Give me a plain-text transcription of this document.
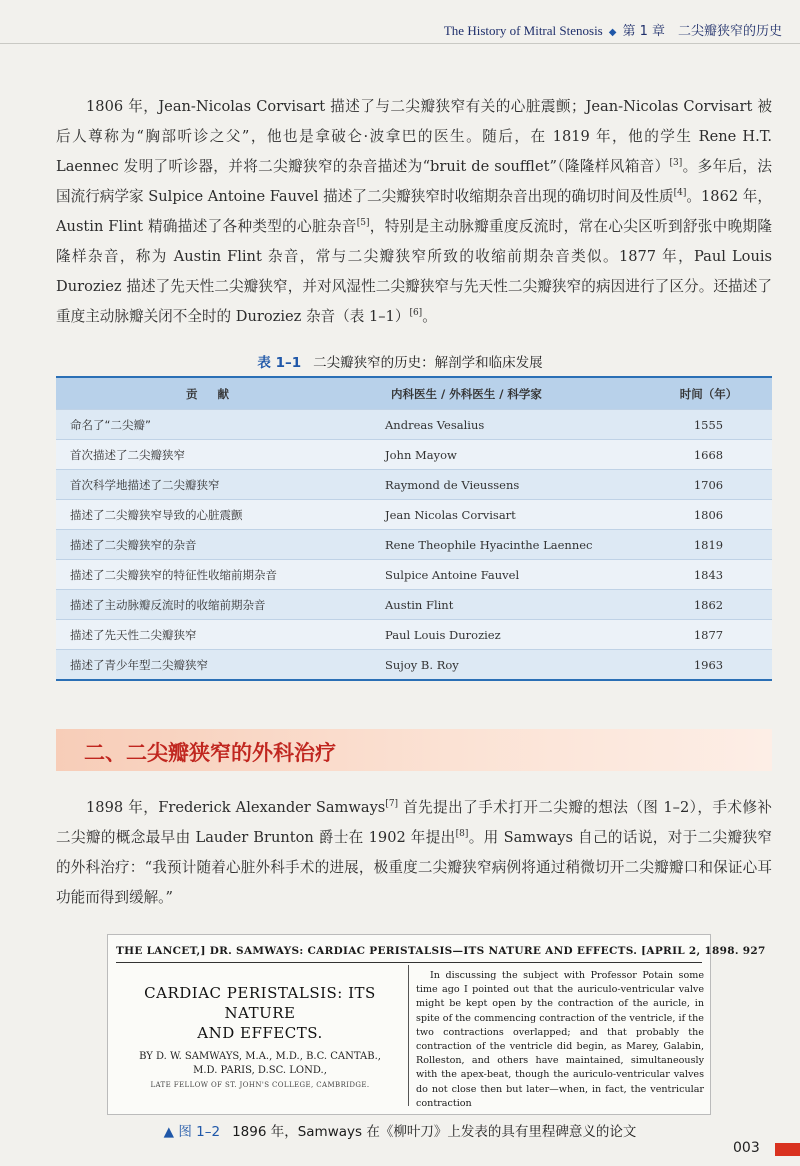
The History of Mitral Stenosis ◆ 第 1 章　二尖瓣狭窄的历史

1806 年，Jean-Nicolas Corvisart 描述了与二尖瓣狭窄有关的心脏震颤；Jean-Nicolas Corvisart 被后人尊称为“胸部听诊之父”，他也是拿破仑·波拿巴的医生。随后，在 1819 年，他的学生 Rene H.T. Laennec 发明了听诊器，并将二尖瓣狭窄的杂音描述为“bruit de soufflet”（隆隆样风箱音）[3]。多年后，法国流行病学家 Sulpice Antoine Fauvel 描述了二尖瓣狭窄时收缩期杂音出现的确切时间及性质[4]。1862 年，Austin Flint 精确描述了各种类型的心脏杂音[5]，特别是主动脉瓣重度反流时，常在心尖区听到舒张中晚期隆隆样杂音，称为 Austin Flint 杂音，常与二尖瓣狭窄所致的收缩前期杂音类似。1877 年，Paul Louis Duroziez 描述了先天性二尖瓣狭窄，并对风湿性二尖瓣狭窄与先天性二尖瓣狭窄的病因进行了区分。还描述了重度主动脉瓣关闭不全时的 Duroziez 杂音（表 1–1）[6]。

表 1–1 二尖瓣狭窄的历史：解剖学和临床发展
贡 献	内科医生 / 外科医生 / 科学家	时间（年）
命名了“二尖瓣”	Andreas Vesalius	1555
首次描述了二尖瓣狭窄	John Mayow	1668
首次科学地描述了二尖瓣狭窄	Raymond de Vieussens	1706
描述了二尖瓣狭窄导致的心脏震颤	Jean Nicolas Corvisart	1806
描述了二尖瓣狭窄的杂音	Rene Theophile Hyacinthe Laennec	1819
描述了二尖瓣狭窄的特征性收缩前期杂音	Sulpice Antoine Fauvel	1843
描述了主动脉瓣反流时的收缩前期杂音	Austin Flint	1862
描述了先天性二尖瓣狭窄	Paul Louis Duroziez	1877
描述了青少年型二尖瓣狭窄	Sujoy B. Roy	1963
二、二尖瓣狭窄的外科治疗

1898 年，Frederick Alexander Samways[7] 首先提出了手术打开二尖瓣的想法（图 1–2），手术修补二尖瓣的概念最早由 Lauder Brunton 爵士在 1902 年提出[8]。用 Samways 自己的话说，对于二尖瓣狭窄的外科治疗：“我预计随着心脏外科手术的进展，极重度二尖瓣狭窄病例将通过稍微切开二尖瓣瓣口和保证心耳功能而得到缓解。”

THE LANCET,] DR. SAMWAYS: CARDIAC PERISTALSIS—ITS NATURE AND EFFECTS. [APRIL 2, 1898. 927
CARDIAC PERISTALSIS: ITS NATURE
AND EFFECTS.
BY D. W. SAMWAYS, M.A., M.D., B.C. CANTAB.,
M.D. PARIS, D.SC. LOND.,
LATE FELLOW OF ST. JOHN'S COLLEGE, CAMBRIDGE.
In discussing the subject with Professor Potain some time ago I pointed out that the auriculo-ventricular valve might be kept open by the contraction of the auricle, in spite of the commencing contraction of the ventricle, if the two contractions overlapped; and that probably the contraction of the ventricle did begin, as Marey, Galabin, Rolleston, and others have maintained, simultaneously with the apex-beat, though the auriculo-ventricular valves do not close then but later—when, in fact, the ventricular contraction
▲ 图 1–2 1896 年，Samways 在《柳叶刀》上发表的具有里程碑意义的论文
003
